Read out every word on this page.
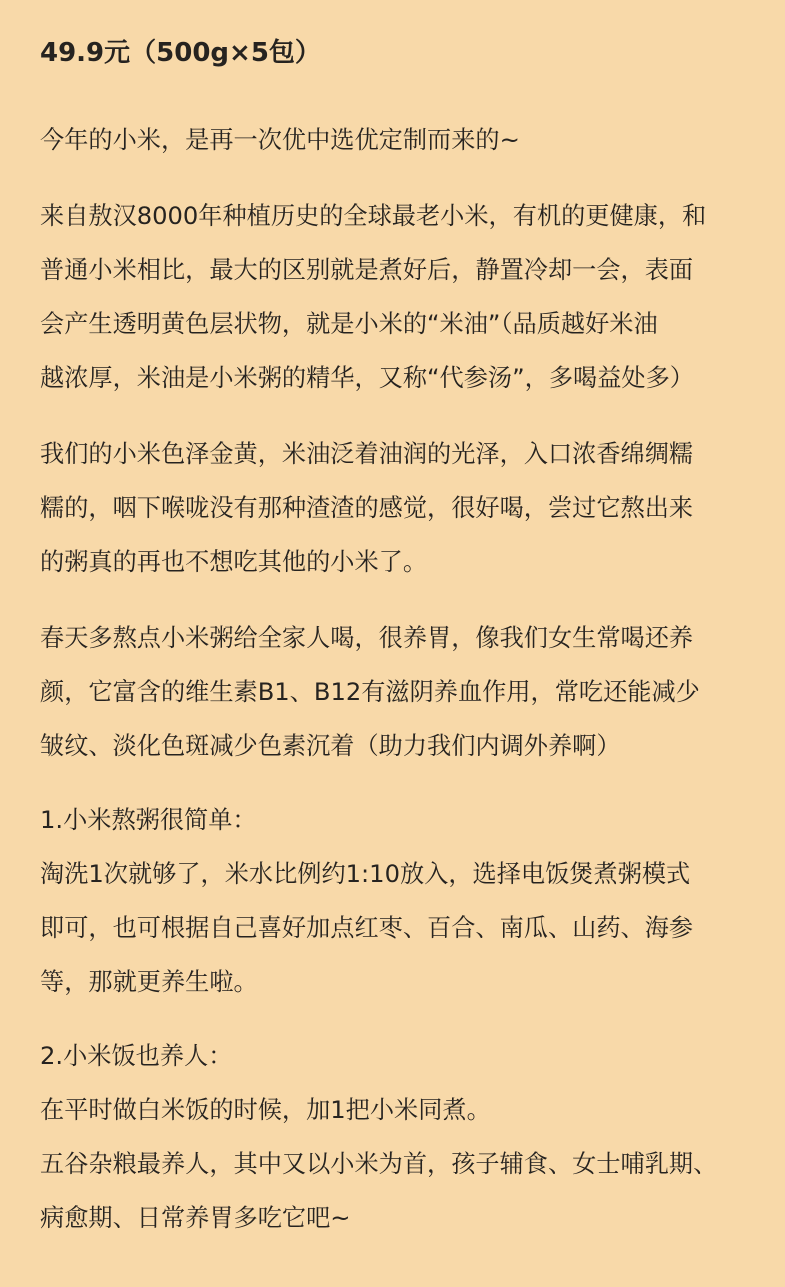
49.9元（500g×5包）

今年的小米，是再一次优中选优定制而来的~

来自敖汉8000年种植历史的全球最老小米，有机的更健康，和
普通小米相比，最大的区别就是煮好后，静置冷却一会，表面
会产生透明黄色层状物，就是小米的“米油”（品质越好米油
越浓厚，米油是小米粥的精华，又称“代参汤”，多喝益处多）

我们的小米色泽金黄，米油泛着油润的光泽，入口浓香绵绸糯
糯的，咽下喉咙没有那种渣渣的感觉，很好喝，尝过它熬出来
的粥真的再也不想吃其他的小米了。

春天多熬点小米粥给全家人喝，很养胃，像我们女生常喝还养
颜，它富含的维生素B1、B12有滋阴养血作用，常吃还能减少
皱纹、淡化色斑减少色素沉着（助力我们内调外养啊）

1.小米熬粥很简单：
淘洗1次就够了，米水比例约1:10放入，选择电饭煲煮粥模式
即可，也可根据自己喜好加点红枣、百合、南瓜、山药、海参
等，那就更养生啦。

2.小米饭也养人：
在平时做白米饭的时候，加1把小米同煮。
五谷杂粮最养人，其中又以小米为首，孩子辅食、女士哺乳期、
病愈期、日常养胃多吃它吧~
